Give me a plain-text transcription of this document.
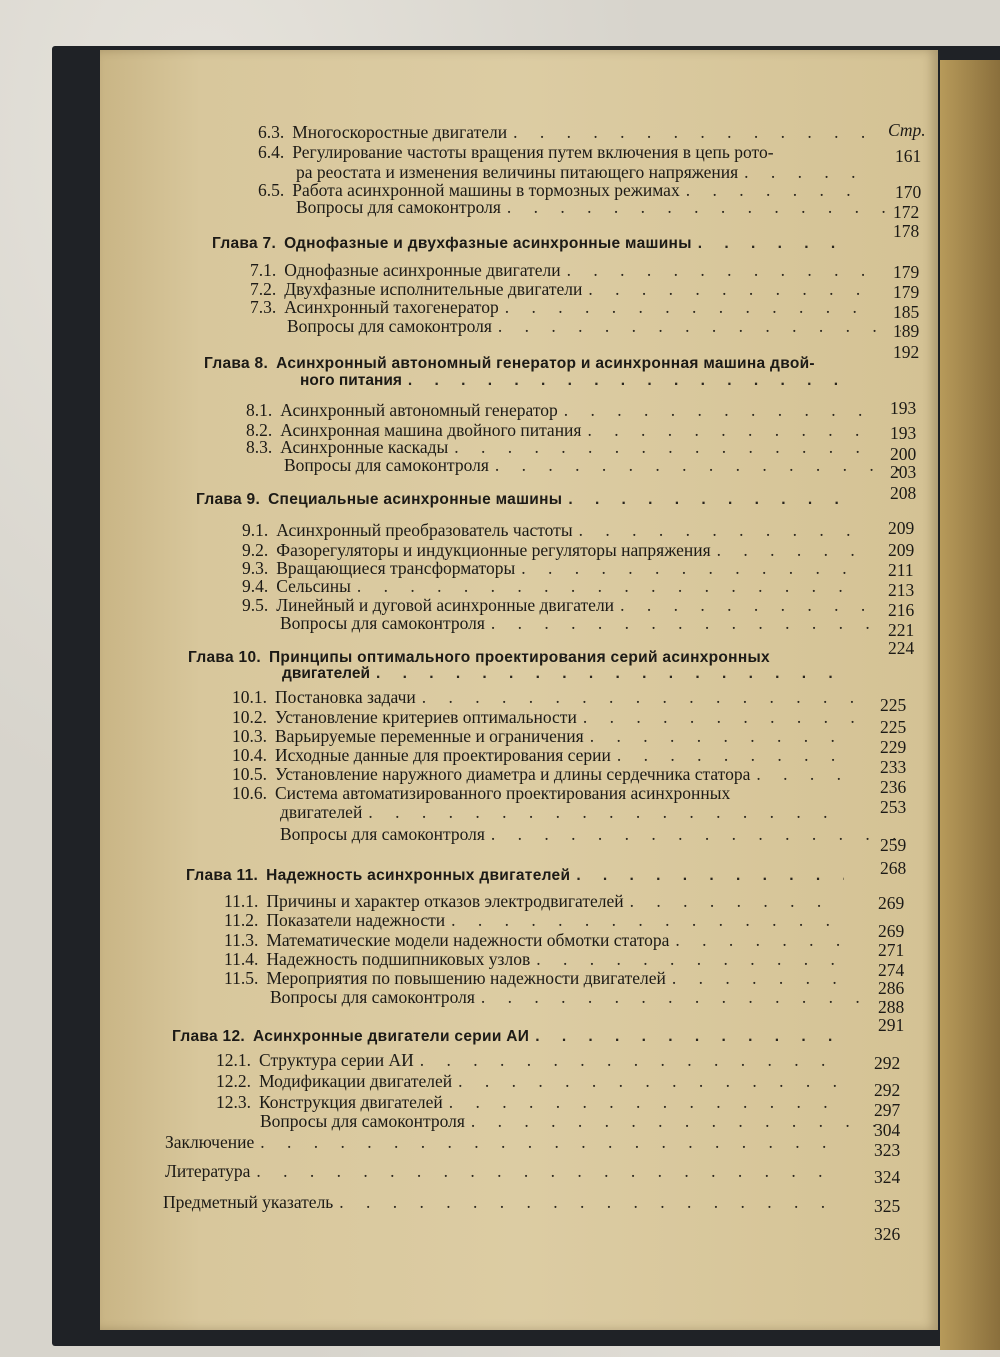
Стр.
6.3. Многоскоростные двигатели
. . .
161
6.4. Регулирование частоты вращения путем включения в цепь рото-
ра реостата и изменения величины питающего напряжения
. . .
170
6.5. Работа асинхронной машины в тормозных режимах
. . .
172
Вопросы для самоконтроля
. . .
178
Глава 7. Однофазные и двухфазные асинхронные машины
. . .
179
7.1. Однофазные асинхронные двигатели
. . .
179
7.2. Двухфазные исполнительные двигатели
. . .
185
7.3. Асинхронный тахогенератор
. . .
189
Вопросы для самоконтроля
. . .
192
Глава 8. Асинхронный автономный генератор и асинхронная машина двой-
ного питания
. . .
193
8.1. Асинхронный автономный генератор
. . .
193
8.2. Асинхронная машина двойного питания
. . .
200
8.3. Асинхронные каскады
. . .
203
Вопросы для самоконтроля
. . .
208
Глава 9. Специальные асинхронные машины
. . .
209
9.1. Асинхронный преобразователь частоты
. . .
209
9.2. Фазорегуляторы и индукционные регуляторы напряжения
. . .
211
9.3. Вращающиеся трансформаторы
. . .
213
9.4. Сельсины
. . .
216
9.5. Линейный и дуговой асинхронные двигатели
. . .
221
Вопросы для самоконтроля
. . .
224
Глава 10. Принципы оптимального проектирования серий асинхронных
двигателей
. . .
225
10.1. Постановка задачи
. . .
225
10.2. Установление критериев оптимальности
. . .
229
10.3. Варьируемые переменные и ограничения
. . .
233
10.4. Исходные данные для проектирования серии
. . .
236
10.5. Установление наружного диаметра и длины сердечника статора
. . .
253
10.6. Система автоматизированного проектирования асинхронных
двигателей
. . .
259
Вопросы для самоконтроля
. . .
268
Глава 11. Надежность асинхронных двигателей
. . .
269
11.1. Причины и характер отказов электродвигателей
. . .
269
11.2. Показатели надежности
. . .
271
11.3. Математические модели надежности обмотки статора
. . .
274
11.4. Надежность подшипниковых узлов
. . .
286
11.5. Мероприятия по повышению надежности двигателей
. . .
288
Вопросы для самоконтроля
. . .
291
Глава 12. Асинхронные двигатели серии АИ
. . .
292
12.1. Структура серии АИ
. . .
292
12.2. Модификации двигателей
. . .
297
12.3. Конструкция двигателей
. . .
304
Вопросы для самоконтроля
. . .
323
Заключение
. . .
324
Литература
. . .
325
Предметный указатель
. . .
326
